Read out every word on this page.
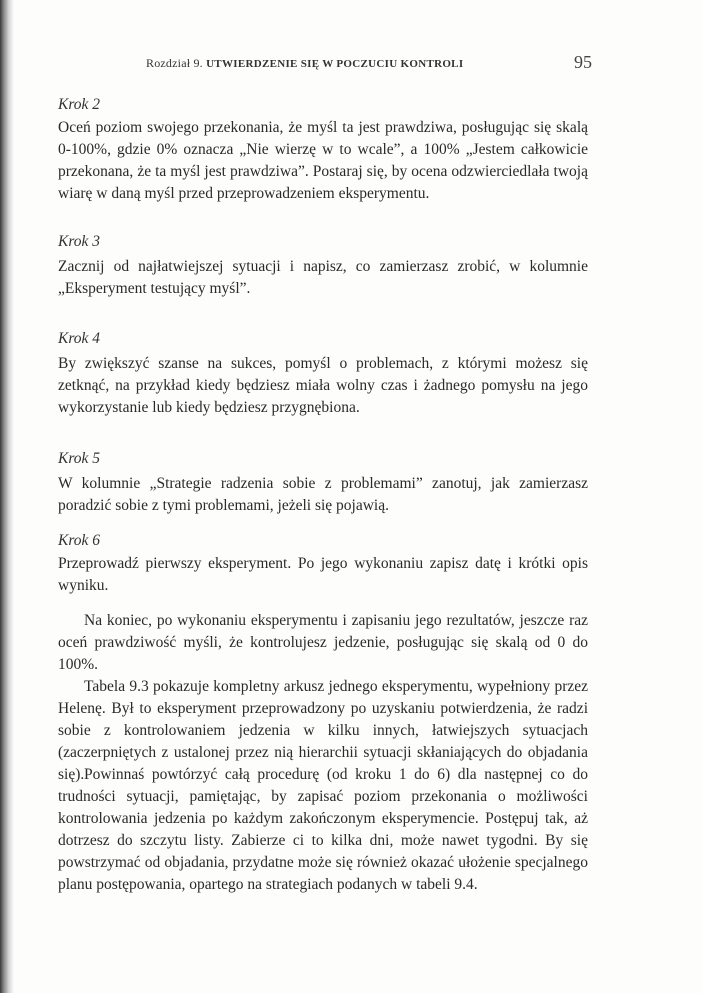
Rozdział 9. UTWIERDZENIE SIĘ W POCZUCIU KONTROLI	95
Krok 2
Oceń poziom swojego przekonania, że myśl ta jest prawdziwa, posługując się skalą 0-100%, gdzie 0% oznacza „Nie wierzę w to wcale”, a 100% „Jestem całkowicie przekonana, że ta myśl jest prawdziwa”. Postaraj się, by ocena odzwierciedlała twoją wiarę w daną myśl przed przeprowadzeniem eksperymentu.
Krok 3
Zacznij od najłatwiejszej sytuacji i napisz, co zamierzasz zrobić, w kolumnie „Eksperyment testujący myśl”.
Krok 4
By zwiększyć szanse na sukces, pomyśl o problemach, z którymi możesz się zetknąć, na przykład kiedy będziesz miała wolny czas i żadnego pomysłu na jego wykorzystanie lub kiedy będziesz przygnębiona.
Krok 5
W kolumnie „Strategie radzenia sobie z problemami” zanotuj, jak zamierzasz poradzić sobie z tymi problemami, jeżeli się pojawią.
Krok 6
Przeprowadź pierwszy eksperyment. Po jego wykonaniu zapisz datę i krótki opis wyniku.
Na koniec, po wykonaniu eksperymentu i zapisaniu jego rezultatów, jeszcze raz oceń prawdziwość myśli, że kontrolujesz jedzenie, posługując się skalą od 0 do 100%.
Tabela 9.3 pokazuje kompletny arkusz jednego eksperymentu, wypełniony przez Helenę. Był to eksperyment przeprowadzony po uzyskaniu potwierdzenia, że radzi sobie z kontrolowaniem jedzenia w kilku innych, łatwiejszych sytuacjach (zaczerpniętych z ustalonej przez nią hierarchii sytuacji skłaniających do objadania się). Powinnaś powtórzyć całą procedurę (od kroku 1 do 6) dla następnej co do trudności sytuacji, pamiętając, by zapisać poziom przekonania o możliwości kontrolowania jedzenia po każdym zakończonym eksperymencie. Postępuj tak, aż dotrzesz do szczytu listy. Zabierze ci to kilka dni, może nawet tygodni. By się powstrzymać od objadania, przydatne może się również okazać ułożenie specjalnego planu postępowania, opartego na strategiach podanych w tabeli 9.4.
